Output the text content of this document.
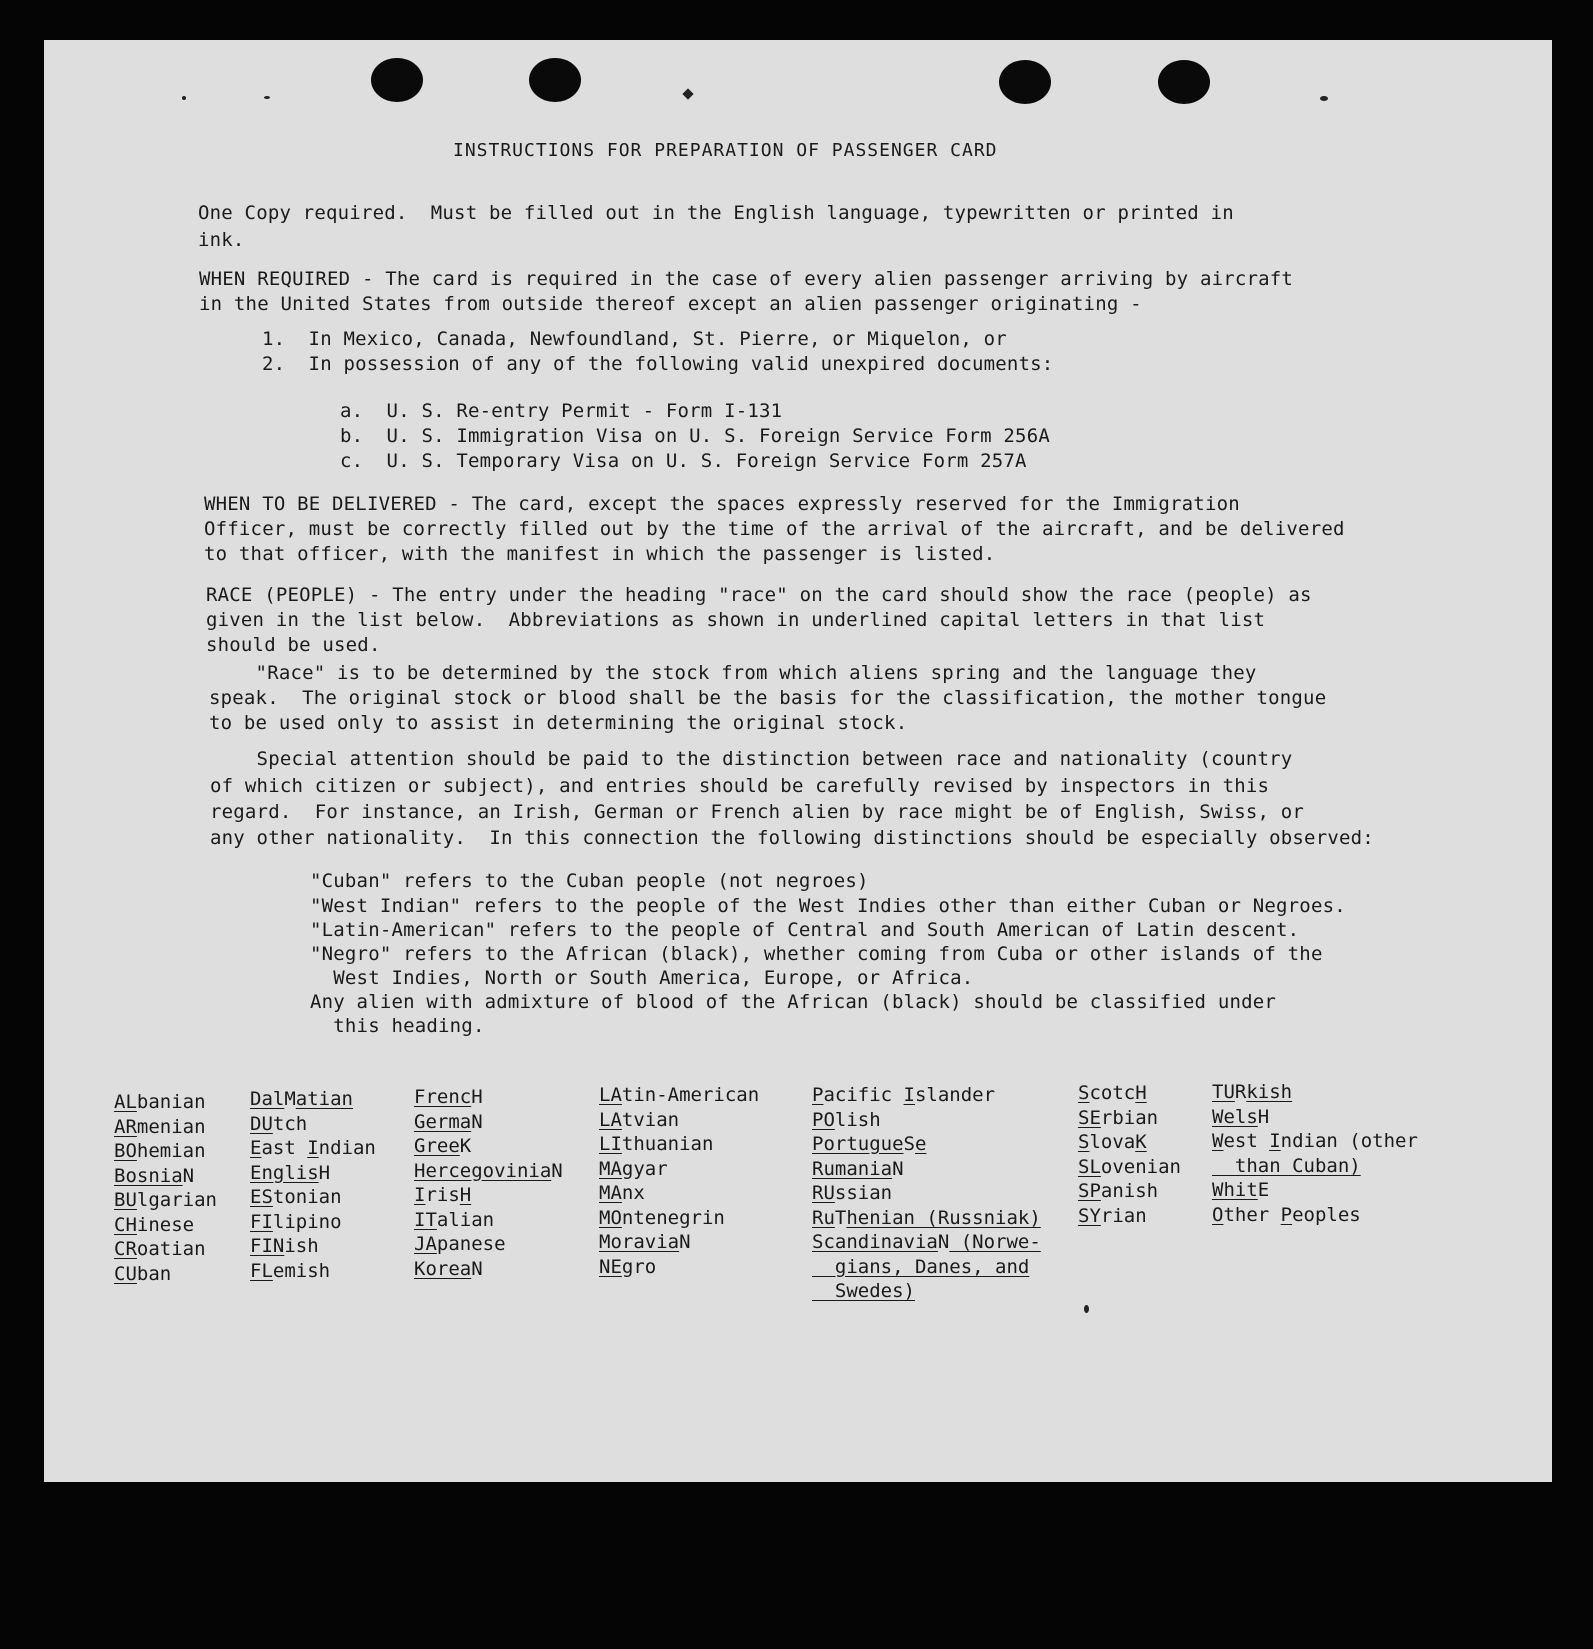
INSTRUCTIONS FOR PREPARATION OF PASSENGER CARD
One Copy required.  Must be filled out in the English language, typewritten or printed in
ink.
WHEN REQUIRED - The card is required in the case of every alien passenger arriving by aircraft
in the United States from outside thereof except an alien passenger originating -
1.  In Mexico, Canada, Newfoundland, St. Pierre, or Miquelon, or
2.  In possession of any of the following valid unexpired documents:
a.  U. S. Re-entry Permit - Form I-131
b.  U. S. Immigration Visa on U. S. Foreign Service Form 256A
c.  U. S. Temporary Visa on U. S. Foreign Service Form 257A
WHEN TO BE DELIVERED - The card, except the spaces expressly reserved for the Immigration
Officer, must be correctly filled out by the time of the arrival of the aircraft, and be delivered
to that officer, with the manifest in which the passenger is listed.
RACE (PEOPLE) - The entry under the heading "race" on the card should show the race (people) as
given in the list below.  Abbreviations as shown in underlined capital letters in that list
should be used.
"Race" is to be determined by the stock from which aliens spring and the language they
speak.  The original stock or blood shall be the basis for the classification, the mother tongue
to be used only to assist in determining the original stock.
Special attention should be paid to the distinction between race and nationality (country
of which citizen or subject), and entries should be carefully revised by inspectors in this
regard.  For instance, an Irish, German or French alien by race might be of English, Swiss, or
any other nationality.  In this connection the following distinctions should be especially observed:
"Cuban" refers to the Cuban people (not negroes)
"West Indian" refers to the people of the West Indies other than either Cuban or Negroes.
"Latin-American" refers to the people of Central and South American of Latin descent.
"Negro" refers to the African (black), whether coming from Cuba or other islands of the
West Indies, North or South America, Europe, or Africa.
Any alien with admixture of blood of the African (black) should be classified under
this heading.
ALbanian
ARmenian
BOhemian
BosniaN
BUlgarian
CHinese
CRoatian
CUban
DalMatian
DUtch
East Indian
EnglisH
EStonian
FIlipino
FINish
FLemish
FrencH
GermaN
GreeK
HercegoviniaN
IrisH
ITalian
JApanese
KoreaN
LAtin-American
LAtvian
LIthuanian
MAgyar
MAnx
MOntenegrin
MoraviaN
NEgro
Pacific Islander
POlish
PortugueSe
RumaniaN
RUssian
RuThenian (Russniak)
ScandinaviaN (Norwe-
gians, Danes, and
Swedes)
ScotcH
SErbian
SlovaK
SLovenian
SPanish
SYrian
TURkish
WelsH
West Indian (other
than Cuban)
WhitE
Other Peoples
